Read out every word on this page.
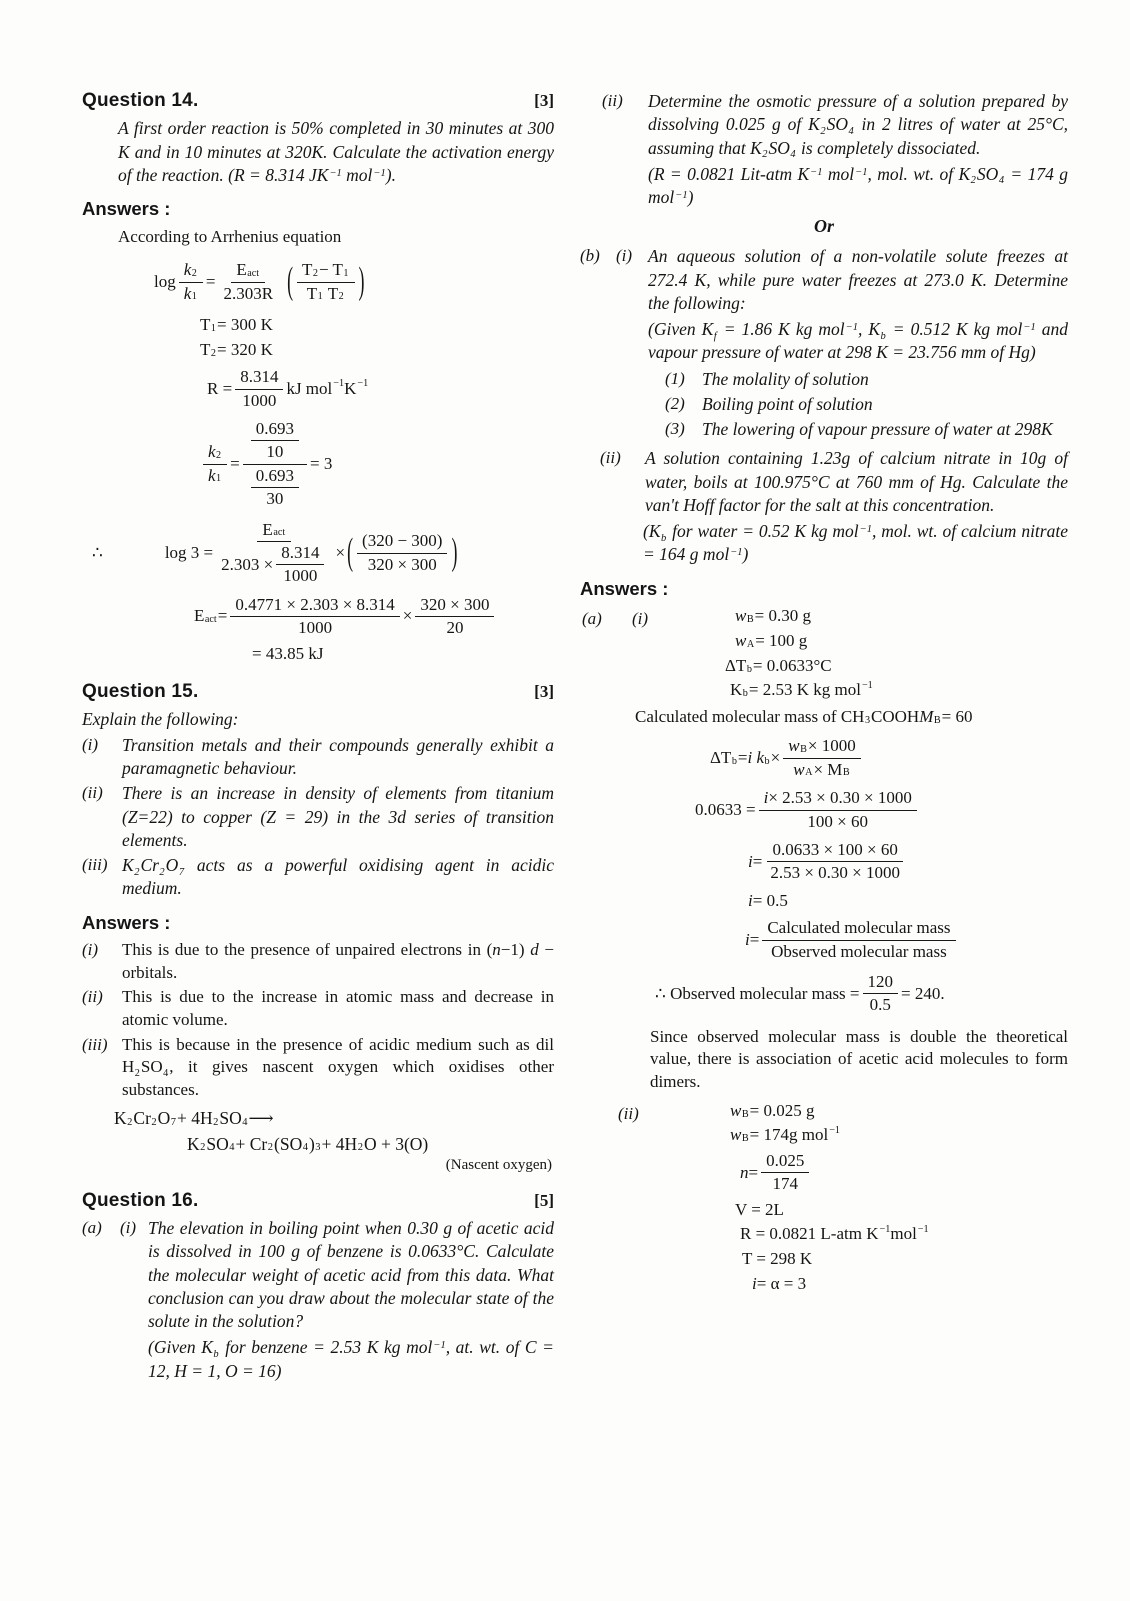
Question 14.	[3]

A first order reaction is 50% completed in 30 minutes at 300 K and in 10 minutes at 320K. Calculate the activation energy of the reaction. (R = 8.314 $JK^{-1}$ mol$^{-1}$).

Answers :

According to Arrhenius equation

$\log \frac{k 2}{k 1}$ =
E act
2.303R ( T 2 − T 1
T 1 T 2 )
T 1 = 300 K
T 2 = 320 K
$R = \frac{8.314}{1000}$ kJ mol −1 K −1
$\frac{k 2}{k 1} = 0.693$
10
0.693
30 = 3
∴	log 3 =
E act
$2.303 \times \frac{8.314}{1000}$ × ( (320 − 300)
320 × 300 )
E act = $\frac{0.4771 \times 2.303 \times 8.314}{1000} \times \frac{320 \times 300}{20}$
= 43.85 kJ
Question 15.	[3]

Explain the following:

(i)	Transition metals and their compounds generally exhibit a paramagnetic behaviour.
(ii)	There is an increase in density of elements from titanium (Z=22) to copper (Z = 29) in the 3d series of transition elements.
(iii) $K_2Cr_2O_7$ acts as a powerful oxidising agent in acidic medium.
Answers :
(i)	This is due to the presence of unpaired electrons in (n−1) d − orbitals.
(ii)	This is due to the increase in atomic mass and decrease in atomic volume.
(iii) This is because in the presence of acidic medium such as dil $H_2SO_4$, it gives nascent oxygen which oxidises other substances.
K 2 Cr 2 O 7 + 4H 2 SO 4 ⟶
K 2 SO 4 + Cr 2 (SO 4 ) 3 + 4H 2 O + 3(O)
(Nascent oxygen)
Question 16.	[5]
(a)	(i) The elevation in boiling point when 0.30 g of acetic acid is dissolved in 100 g of benzene is 0.0633°C. Calculate the molecular weight of acetic acid from this data. What conclusion can you draw about the molecular state of the solute in the solution?

(Given $K_b$ for benzene = 2.53 K kg mol$^{-1}$, at. wt. of C = 12, H = 1, O = 16)

(ii)	Determine the osmotic pressure of a solution prepared by dissolving 0.025 g of $K_2SO_4$ in 2 litres of water at 25°C, assuming that $K_2SO_4$ is completely dissociated.

(R = 0.0821 Lit-atm $K^{-1}$ mol$^{-1}$, mol. wt. of $K_2SO_4 = 174$ g mol$^{-1}$)

Or
(b) (i) An aqueous solution of a non-volatile solute freezes at 272.4 K, while pure water freezes at 273.0 K. Determine the following:

(Given $K_f = 1.86$ K kg mol$^{-1}$, $K_b = 0.512$ K kg mol$^{-1}$ and vapour pressure of water at 298 K = 23.756 mm of Hg)

(1) The molality of solution
(2) Boiling point of solution
(3) The lowering of vapour pressure of water at 298K
(ii)	A solution containing 1.23g of calcium nitrate in 10g of water, boils at 100.975°C at 760 mm of Hg. Calculate the van't Hoff factor for the salt at this concentration.

($K_b$ for water = 0.52 K kg mol$^{-1}$, mol. wt. of calcium nitrate = 164 g mol$^{-1}$)

Answers :
(a) (i)	w B = 0.30 g
w A = 100 g
ΔT b = 0.0633°C
K b = 2.53 K kg mol −1
Calculated molecular mass of CH 3 COOH M B = 60
ΔT b = i k $b \times \frac{\text{w B × 1000}}{\text{w A × M B}}$
$0.0633 = \frac{i \times 2.53 \times 0.30 \times 1000}{100 \times 60}$
$i = \frac{0.0633 \times 100 \times 60}{2.53 \times 0.30 \times 1000}$
i = 0.5
i =
Calculated molecular mass
Observed molecular mass
∴ Observed molecular mass = $\frac{120}{0.5} = 240$.

Since observed molecular mass is double the theoretical value, there is association of acetic acid molecules to form dimers.

(ii)	w B = 0.025 g
w B = 174g mol −1
$n = \frac{0.025}{174}$
V = 2L
R = 0.0821 L-atm K −1 mol −1
T = 298 K
i = α = 3
